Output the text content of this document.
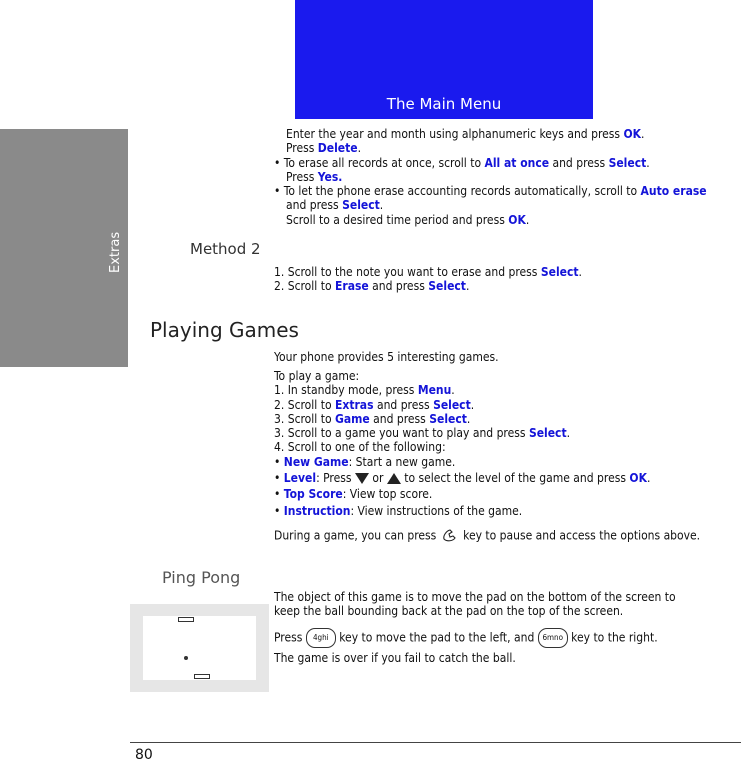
Extras
The Main Menu
Enter the year and month using alphanumeric keys and press OK.
Press Delete.
• To erase all records at once, scroll to All at once and press Select.
Press Yes.
• To let the phone erase accounting records automatically, scroll to Auto erase
and press Select.
Scroll to a desired time period and press OK.
Method 2
1. Scroll to the note you want to erase and press Select.
2. Scroll to Erase and press Select.
Playing Games
Your phone provides 5 interesting games.
To play a game:
1. In standby mode, press Menu.
2. Scroll to Extras and press Select.
3. Scroll to Game and press Select.
3. Scroll to a game you want to play and press Select.
4. Scroll to one of the following:
• New Game: Start a new game.
• Level: Press  or  to select the level of the game and press OK.
• Top Score: View top score.
• Instruction: View instructions of the game.
During a game, you can press  key to pause and access the options above.
Ping Pong
The object of this game is to move the pad on the bottom of the screen to
keep the ball bounding back at the pad on the top of the screen.
Press 4ghi key to move the pad to the left, and 6mno key to the right.
The game is over if you fail to catch the ball.
80
